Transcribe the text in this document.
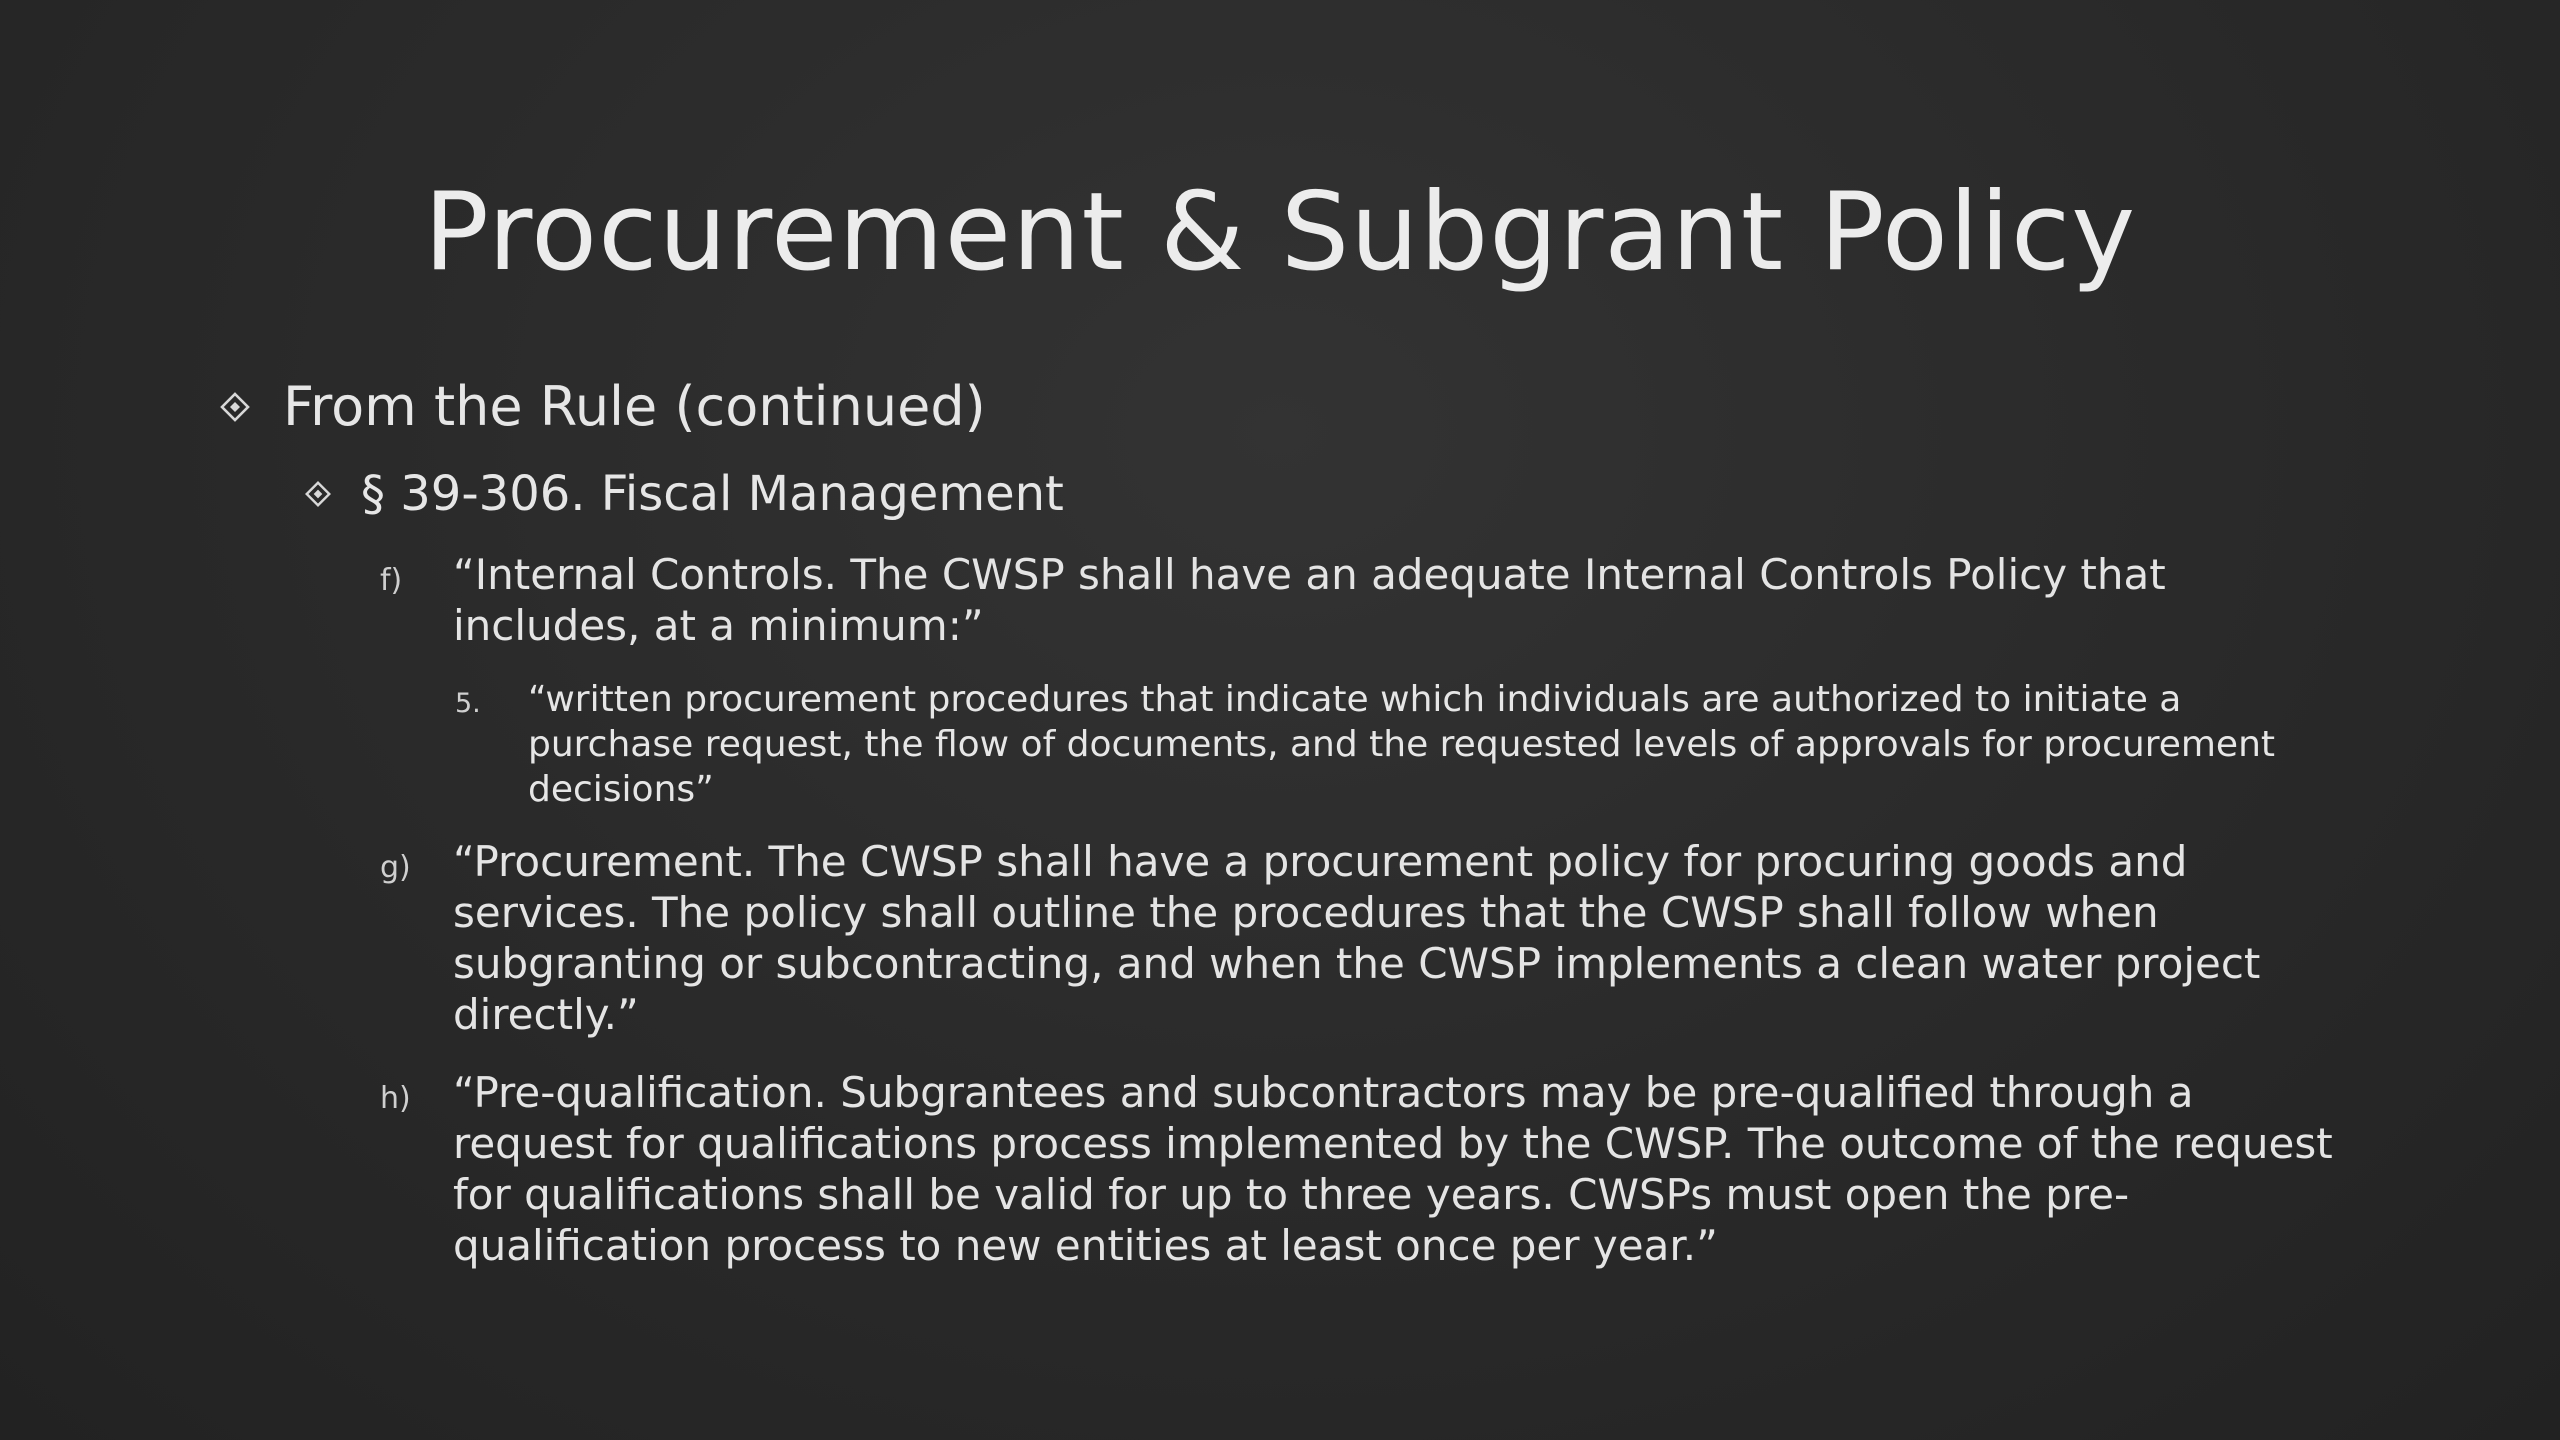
Procurement & Subgrant Policy
From the Rule (continued)
§ 39-306. Fiscal Management
f)	“Internal Controls. The CWSP shall have an adequate Internal Controls Policy that includes, at a minimum:”
5.	“written procurement procedures that indicate which individuals are authorized to initiate a purchase request, the flow of documents, and the requested levels of approvals for procurement decisions”
g)	“Procurement. The CWSP shall have a procurement policy for procuring goods and services. The policy shall outline the procedures that the CWSP shall follow when subgranting or subcontracting, and when the CWSP implements a clean water project directly.”
h)	“Pre-qualification. Subgrantees and subcontractors may be pre-qualified through a request for qualifications process implemented by the CWSP. The outcome of the request for qualifications shall be valid for up to three years. CWSPs must open the pre-qualification process to new entities at least once per year.”
